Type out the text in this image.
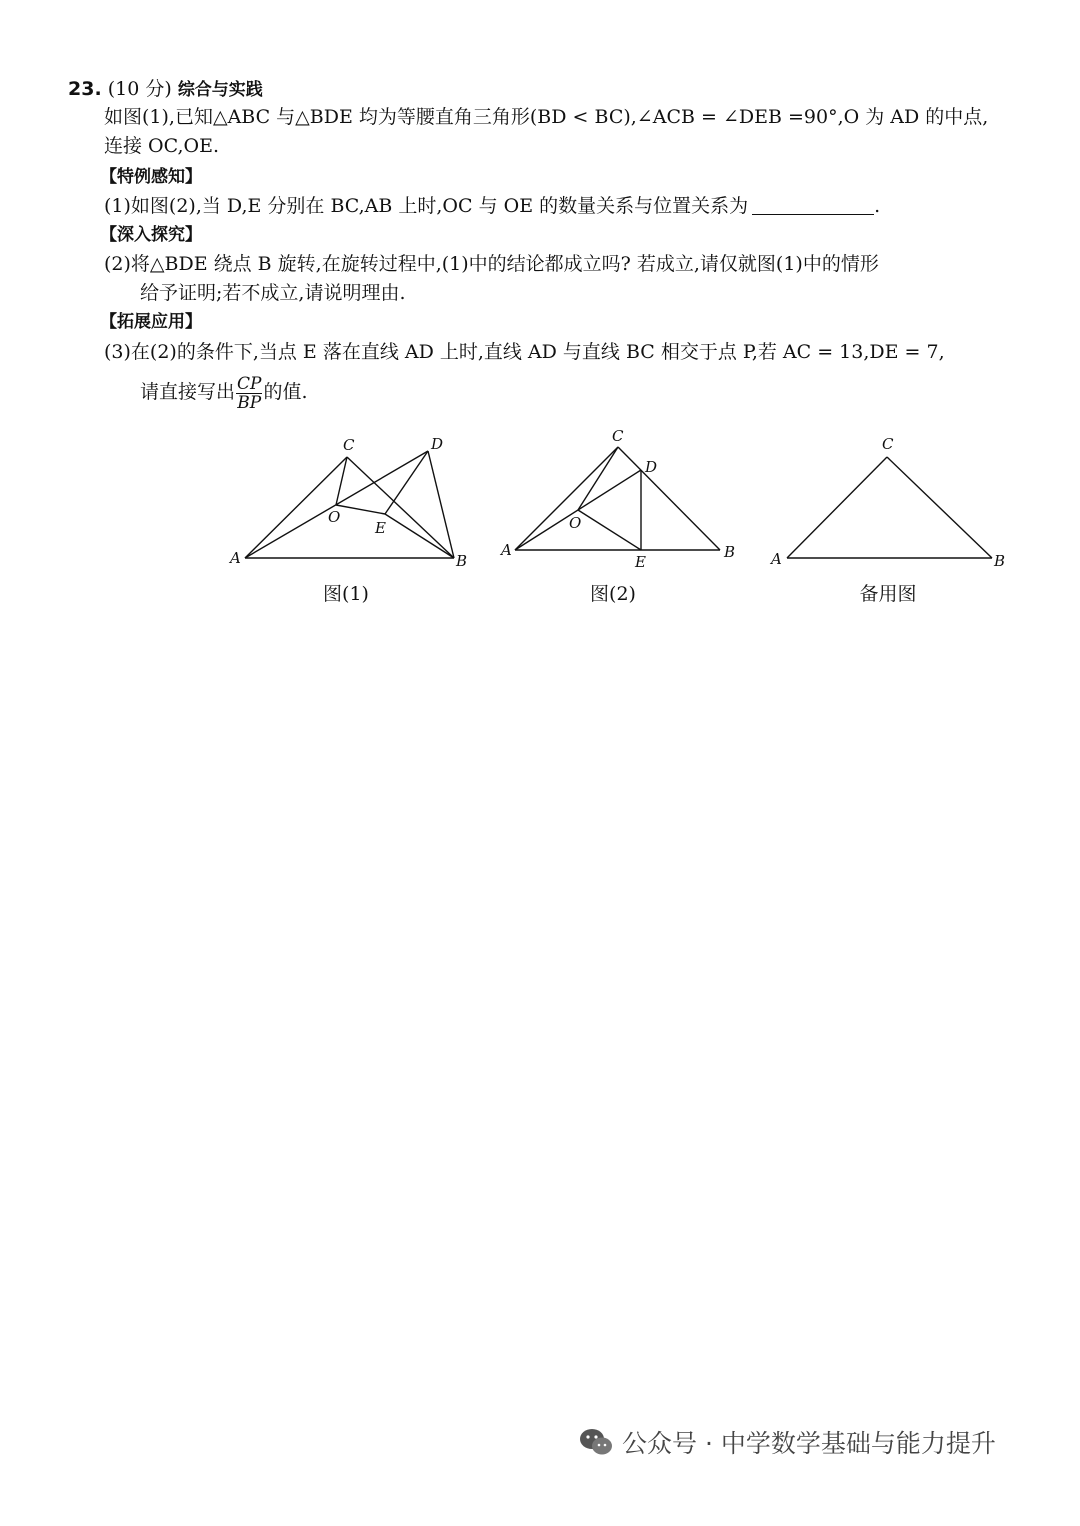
23. (10 分) 综合与实践
如图(1),已知△ABC 与△BDE 均为等腰直角三角形(BD < BC),∠ACB = ∠DEB =90°,O 为 AD 的中点,
连接 OC,OE.
【特例感知】
(1)如图(2),当 D,E 分别在 BC,AB 上时,OC 与 OE 的数量关系与位置关系为	.
【深入探究】
(2)将△BDE 绕点 B 旋转,在旋转过程中,(1)中的结论都成立吗? 若成立,请仅就图(1)中的情形
给予证明;若不成立,请说明理由.
【拓展应用】
(3)在(2)的条件下,当点 E 落在直线 AD 上时,直线 AD 与直线 BC 相交于点 P,若 AC = 13,DE = 7,
请直接写出 $\frac{CP}{BP}$ 的值.
A	B
C	D
E
O
图(1)
A	B
C
D
E
O
图(2)
A	B
C
备用图
公众号 · 中学数学基础与能力提升
